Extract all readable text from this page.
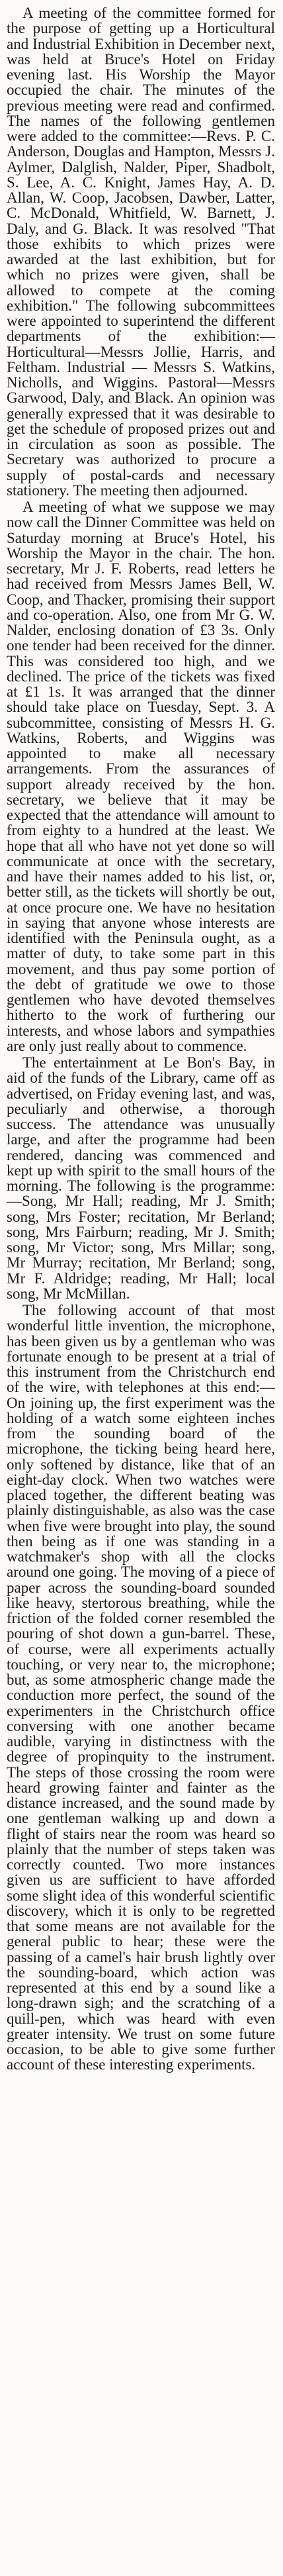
A meeting of the committee formed for the purpose of getting up a Horticultural and Industrial Exhibition in December next, was held at Bruce's Hotel on Friday evening last. His Worship the Mayor occupied the chair. The minutes of the previous meeting were read and confirmed. The names of the following gentlemen were added to the committee:—Revs. P. C. Anderson, Douglas and Hampton, Messrs J. Aylmer, Dalglish, Nalder, Piper, Shadbolt, S. Lee, A. C. Knight, James Hay, A. D. Allan, W. Coop, Jacobsen, Dawber, Latter, C. McDonald, Whitfield, W. Barnett, J. Daly, and G. Black. It was resolved "That those exhibits to which prizes were awarded at the last exhibition, but for which no prizes were given, shall be allowed to compete at the coming exhibition." The following subcommittees were appointed to superintend the different departments of the exhibition:—Horticultural—Messrs Jollie, Harris, and Feltham. Industrial — Messrs S. Watkins, Nicholls, and Wiggins. Pastoral—Messrs Garwood, Daly, and Black. An opinion was generally expressed that it was desirable to get the schedule of proposed prizes out and in circulation as soon as possible. The Secretary was authorized to procure a supply of postal-cards and necessary stationery. The meeting then adjourned.

A meeting of what we suppose we may now call the Dinner Committee was held on Saturday morning at Bruce's Hotel, his Worship the Mayor in the chair. The hon. secretary, Mr J. F. Roberts, read letters he had received from Messrs James Bell, W. Coop, and Thacker, promising their support and co-operation. Also, one from Mr G. W. Nalder, enclosing donation of £3 3s. Only one tender had been received for the dinner. This was considered too high, and we declined. The price of the tickets was fixed at £1 1s. It was arranged that the dinner should take place on Tuesday, Sept. 3. A subcommittee, consisting of Messrs H. G. Watkins, Roberts, and Wiggins was appointed to make all necessary arrangements. From the assurances of support already received by the hon. secretary, we believe that it may be expected that the attendance will amount to from eighty to a hundred at the least. We hope that all who have not yet done so will communicate at once with the secretary, and have their names added to his list, or, better still, as the tickets will shortly be out, at once procure one. We have no hesitation in saying that anyone whose interests are identified with the Peninsula ought, as a matter of duty, to take some part in this movement, and thus pay some portion of the debt of gratitude we owe to those gentlemen who have devoted themselves hitherto to the work of furthering our interests, and whose labors and sympathies are only just really about to commence.

The entertainment at Le Bon's Bay, in aid of the funds of the Library, came off as advertised, on Friday evening last, and was, peculiarly and otherwise, a thorough success. The attendance was unusually large, and after the programme had been rendered, dancing was commenced and kept up with spirit to the small hours of the morning. The following is the programme:—Song, Mr Hall; reading, Mr J. Smith; song, Mrs Foster; recitation, Mr Berland; song, Mrs Fairburn; reading, Mr J. Smith; song, Mr Victor; song, Mrs Millar; song, Mr Murray; recitation, Mr Berland; song, Mr F. Aldridge; reading, Mr Hall; local song, Mr McMillan.

The following account of that most wonderful little invention, the microphone, has been given us by a gentleman who was fortunate enough to be present at a trial of this instrument from the Christchurch end of the wire, with telephones at this end:—On joining up, the first experiment was the holding of a watch some eighteen inches from the sounding board of the microphone, the ticking being heard here, only softened by distance, like that of an eight-day clock. When two watches were placed together, the different beating was plainly distinguishable, as also was the case when five were brought into play, the sound then being as if one was standing in a watchmaker's shop with all the clocks around one going. The moving of a piece of paper across the sounding-board sounded like heavy, stertorous breathing, while the friction of the folded corner resembled the pouring of shot down a gun-barrel. These, of course, were all experiments actually touching, or very near to, the microphone; but, as some atmospheric change made the conduction more perfect, the sound of the experimenters in the Christchurch office conversing with one another became audible, varying in distinctness with the degree of propinquity to the instrument. The steps of those crossing the room were heard growing fainter and fainter as the distance increased, and the sound made by one gentleman walking up and down a flight of stairs near the room was heard so plainly that the number of steps taken was correctly counted. Two more instances given us are sufficient to have afforded some slight idea of this wonderful scientific discovery, which it is only to be regretted that some means are not available for the general public to hear; these were the passing of a camel's hair brush lightly over the sounding-board, which action was represented at this end by a sound like a long-drawn sigh; and the scratching of a quill-pen, which was heard with even greater intensity. We trust on some future occasion, to be able to give some further account of these interesting experiments.
